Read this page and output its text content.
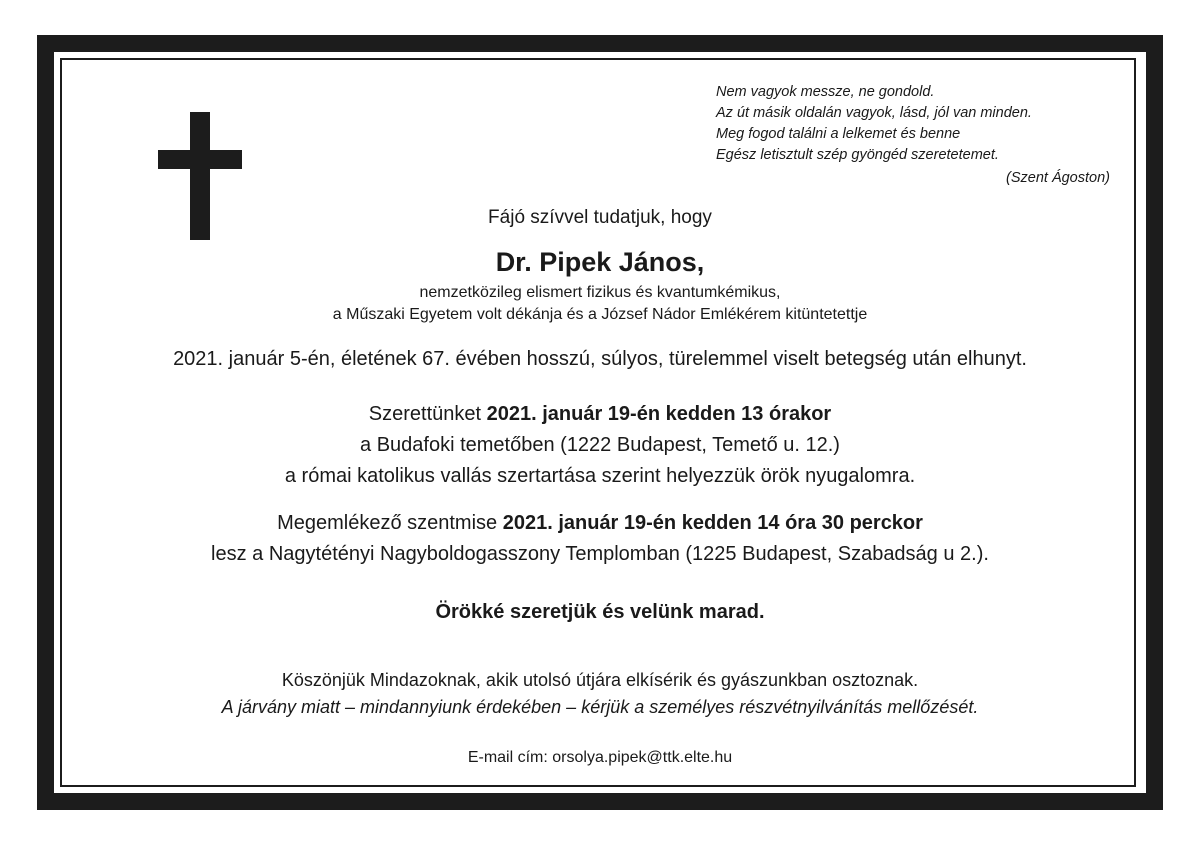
Nem vagyok messze, ne gondold.
Az út másik oldalán vagyok, lásd, jól van minden.
Meg fogod találni a lelkemet és benne
Egész letisztult szép gyöngéd szeretetemet.
(Szent Ágoston)
Fájó szívvel tudatjuk, hogy
Dr. Pipek János,
nemzetközileg elismert fizikus és kvantumkémikus,
a Műszaki Egyetem volt dékánja és a József Nádor Emlékérem kitüntetettje
2021. január 5-én, életének 67. évében hosszú, súlyos, türelemmel viselt betegség után elhunyt.
Szerettünket 2021. január 19-én kedden 13 órakor
a Budafoki temetőben (1222 Budapest, Temető u. 12.)
a római katolikus vallás szertartása szerint helyezzük örök nyugalomra.
Megemlékező szentmise 2021. január 19-én kedden 14 óra 30 perckor
lesz a Nagytétényi Nagyboldogasszony Templomban (1225 Budapest, Szabadság u 2.).
Örökké szeretjük és velünk marad.
Köszönjük Mindazoknak, akik utolsó útjára elkísérik és gyászunkban osztoznak.
A járvány miatt – mindannyiunk érdekében – kérjük a személyes részvétnyilvánítás mellőzését.
E-mail cím: orsolya.pipek@ttk.elte.hu
